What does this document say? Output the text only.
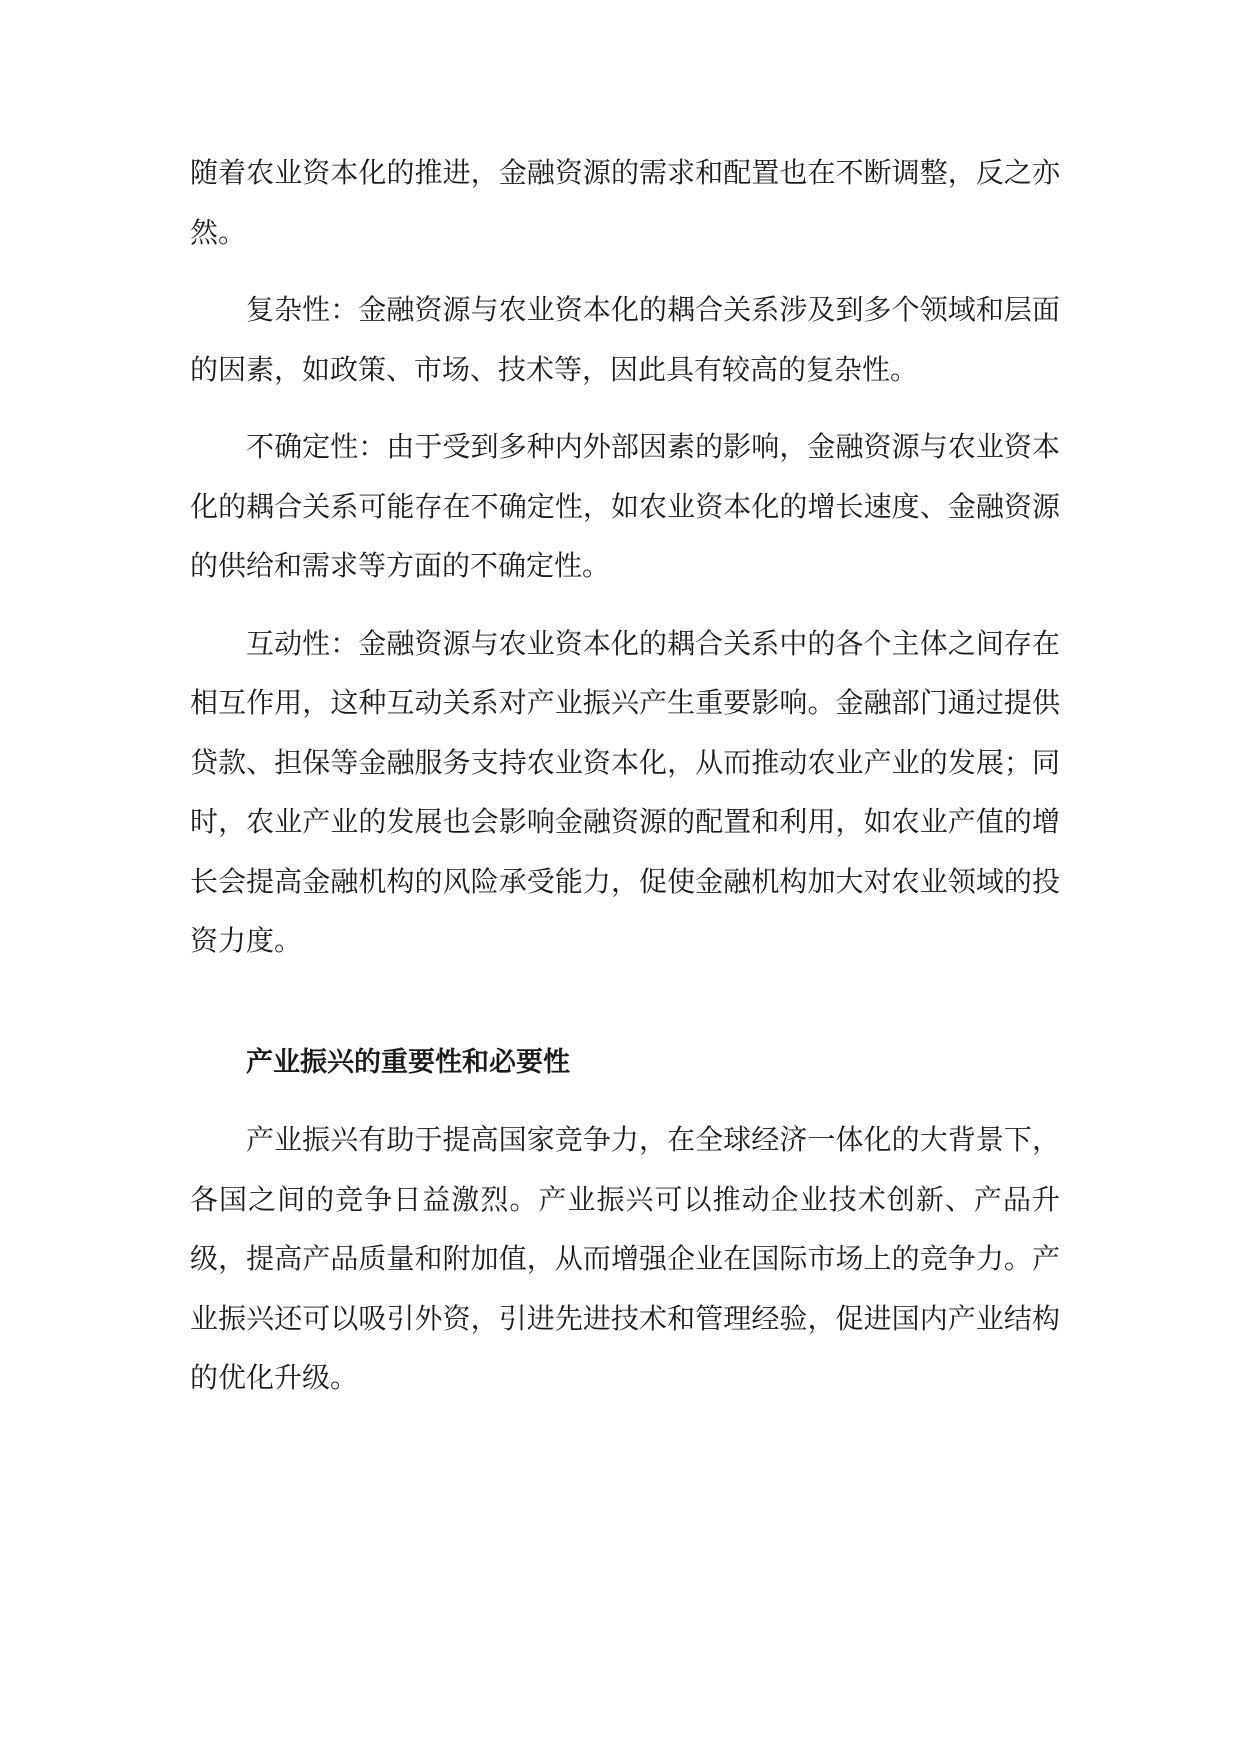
随着农业资本化的推进，金融资源的需求和配置也在不断调整，反之亦然。

复杂性：金融资源与农业资本化的耦合关系涉及到多个领域和层面的因素，如政策、市场、技术等，因此具有较高的复杂性。

不确定性：由于受到多种内外部因素的影响，金融资源与农业资本化的耦合关系可能存在不确定性，如农业资本化的增长速度、金融资源的供给和需求等方面的不确定性。

互动性：金融资源与农业资本化的耦合关系中的各个主体之间存在相互作用，这种互动关系对产业振兴产生重要影响。金融部门通过提供贷款、担保等金融服务支持农业资本化，从而推动农业产业的发展；同时，农业产业的发展也会影响金融资源的配置和利用，如农业产值的增长会提高金融机构的风险承受能力，促使金融机构加大对农业领域的投资力度。

产业振兴的重要性和必要性

产业振兴有助于提高国家竞争力，在全球经济一体化的大背景下，各国之间的竞争日益激烈。产业振兴可以推动企业技术创新、产品升级，提高产品质量和附加值，从而增强企业在国际市场上的竞争力。产业振兴还可以吸引外资，引进先进技术和管理经验，促进国内产业结构的优化升级。
